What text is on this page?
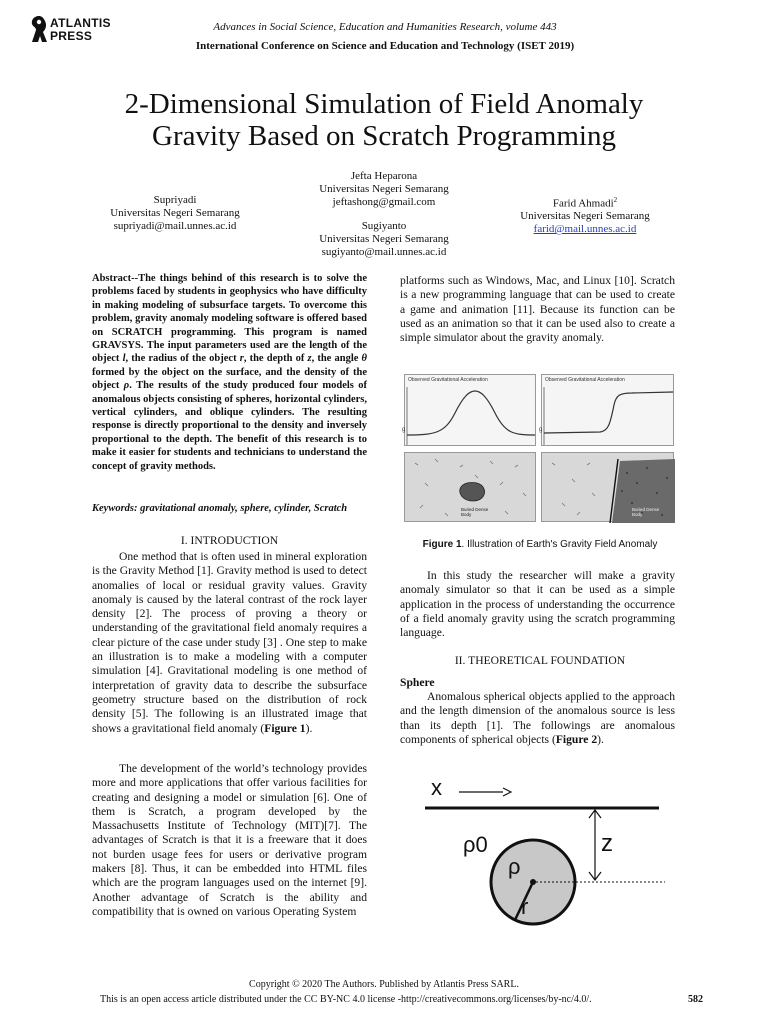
ATLANTIS
PRESS
Advances in Social Science, Education and Humanities Research, volume 443
International Conference on Science and Education and Technology (ISET 2019)
2-Dimensional Simulation of Field Anomaly
Gravity Based on Scratch Programming
Jefta Heparona
Universitas Negeri Semarang
jeftashong@gmail.com
Supriyadi
Universitas Negeri Semarang
supriyadi@mail.unnes.ac.id	Sugiyanto
Universitas Negeri Semarang
sugiyanto@mail.unnes.ac.id
Farid Ahmadi$^2$
Universitas Negeri Semarang
farid@mail.unnes.ac.id
Abstract--The things behind of this research is to solve the problems faced by students in geophysics who have difficulty in making modeling of subsurface targets. To overcome this problem, gravity anomaly modeling software is offered based on SCRATCH programming. This program is named GRAVSYS. The input parameters used are the length of the object l, the radius of the object r, the depth of z, the angle θ formed by the object on the surface, and the density of the object ρ. The results of the study produced four models of anomalous objects consisting of spheres, horizontal cylinders, vertical cylinders, and oblique cylinders. The resulting response is directly proportional to the density and inversely proportional to the depth. The benefit of this research is to make it easier for students and technicians to understand the concept of gravity methods.
Keywords: gravitational anomaly, sphere, cylinder, Scratch
I. INTRODUCTION
One method that is often used in mineral exploration is the Gravity Method [1]. Gravity method is used to detect anomalies of local or residual gravity values. Gravity anomaly is caused by the lateral contrast of the rock layer density [2]. The process of proving a theory or understanding of the gravitational field anomaly requires a clear picture of the case under study [3] . One step to make an illustration is to make a modeling with a computer simulation [4]. Gravitational modeling is one method of interpretation of gravity data to describe the subsurface geometry structure based on the distribution of rock density [5]. The following is an illustrated image that shows a gravitational field anomaly (Figure 1).
The development of the world’s technology provides more and more applications that offer various facilities for creating and designing a model or simulation [6]. One of them is Scratch, a program developed by the Massachusetts Institute of Technology (MIT)[7]. The advantages of Scratch is that it is a freeware that it does not burden usage fees for users or derivative program makers [8]. Thus, it can be embedded into HTML files which are the program languages used on the internet [9]. Another advantage of Scratch is the ability and compatibility that is owned on various Operating System
platforms such as Windows, Mac, and Linux [10]. Scratch is a new programming language that can be used to create a game and animation [11]. Because its function can be used as an animation so that it can be used also to create a simple simulator about the gravity anomaly.
Observed Gravitational Acceleration
g
Observed Gravitational Acceleration
g
Buried Dense Body
Buried Dense Body
Figure 1. Illustration of Earth's Gravity Field Anomaly
In this study the researcher will make a gravity anomaly simulator so that it can be used as a simple application in the process of understanding the occurrence of a field anomaly gravity using the scratch programming language.
II. THEORETICAL FOUNDATION
Sphere
Anomalous spherical objects applied to the approach and the length dimension of the anomalous source is less than its depth [1]. The followings are anomalous components of spherical objects (Figure 2).
x
ρ0	z
ρ
r
Copyright © 2020 The Authors. Published by Atlantis Press SARL.
This is an open access article distributed under the CC BY-NC 4.0 license -http://creativecommons.org/licenses/by-nc/4.0/.	582
